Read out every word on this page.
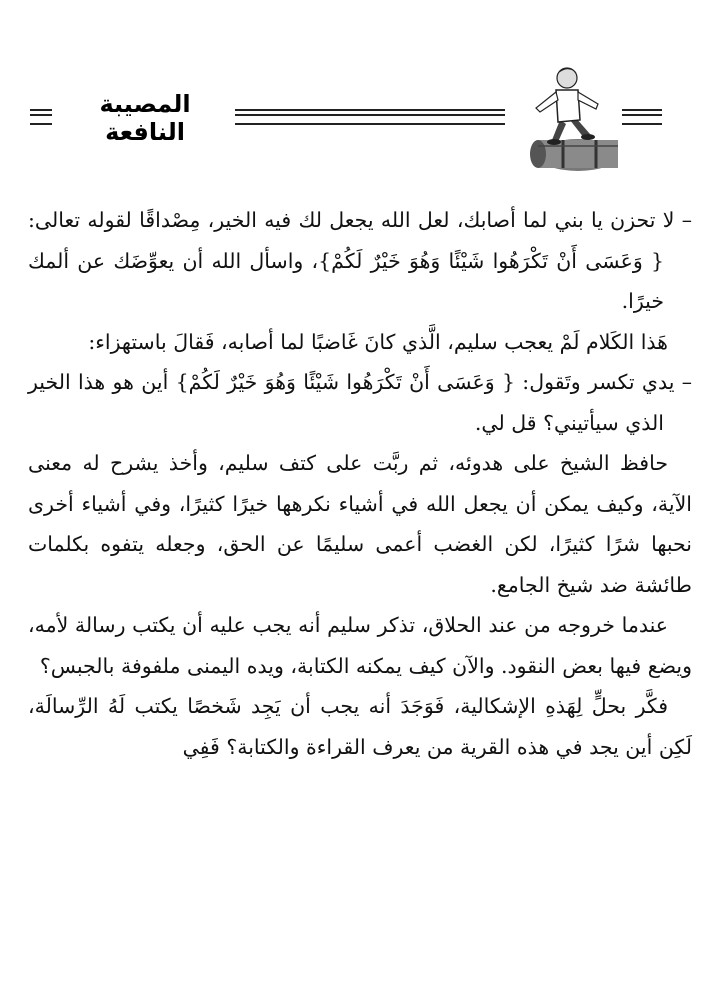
المصيبة النافعة

– لا تحزن يا بني لما أصابك، لعل الله يجعل لك فيه الخير، مِصْداقًا لقوله تعالى: { وَعَسَى أَنْ تَكْرَهُوا شَيْئًا وَهُوَ خَيْرٌ لَكُمْ}، واسأل الله أن يعوِّضَك عن ألمك خيرًا.

هَذا الكَلام لَمْ يعجب سليم، الَّذي كانَ غَاضبًا لما أصابه، فَقالَ باستهزاء:

– يدي تكسر وتَقول: { وَعَسَى أَنْ تَكْرَهُوا شَيْئًا وَهُوَ خَيْرٌ لَكُمْ} أين هو هذا الخير الذي سيأتيني؟ قل لي.

حافظ الشيخ على هدوئه، ثم ربَّت على كتف سليم، وأخذ يشرح له معنى الآية، وكيف يمكن أن يجعل الله في أشياء نكرهها خيرًا كثيرًا، وفي أشياء أخرى نحبها شرًا كثيرًا، لكن الغضب أعمى سليمًا عن الحق، وجعله يتفوه بكلمات طائشة ضد شيخ الجامع.

عندما خروجه من عند الحلاق، تذكر سليم أنه يجب عليه أن يكتب رسالة لأمه، ويضع فيها بعض النقود. والآن كيف يمكنه الكتابة، ويده اليمنى ملفوفة بالجبس؟

فكَّر بحلٍّ لِهَذهِ الإشكالية، فَوَجَدَ أنه يجب أن يَجِد شَخصًا يكتب لَهُ الرِّسالَة، لَكِن أين يجد في هذه القرية من يعرف القراءة والكتابة؟ فَفِي
